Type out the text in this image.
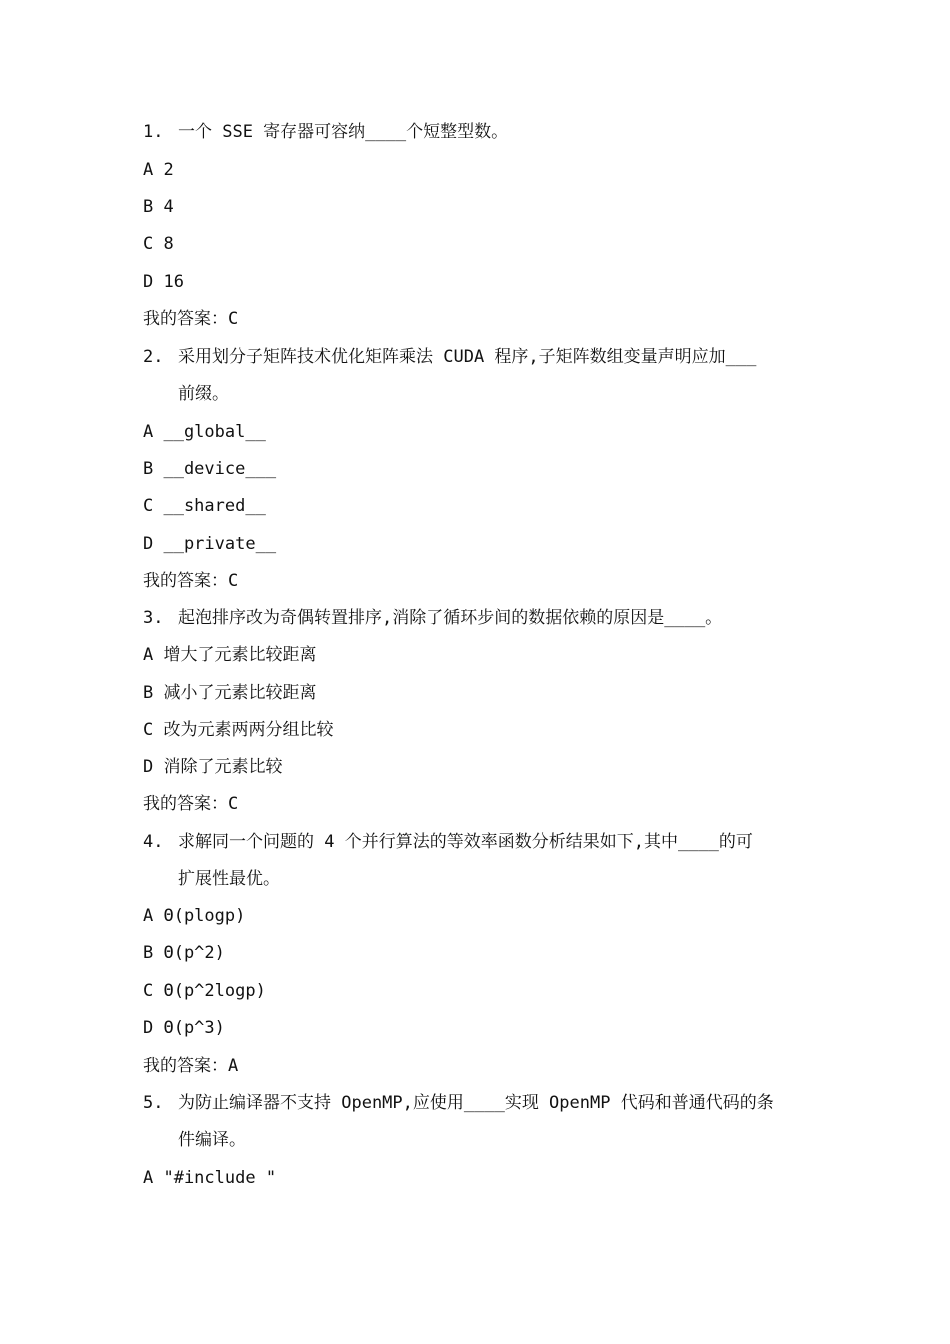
1. 一个 SSE 寄存器可容纳____个短整型数。
A 2
B 4
C 8
D 16
我的答案：C
2. 采用划分子矩阵技术优化矩阵乘法 CUDA 程序,子矩阵数组变量声明应加___
前缀。
A __global__
B __device___
C __shared__
D __private__
我的答案：C
3. 起泡排序改为奇偶转置排序,消除了循环步间的数据依赖的原因是____。
A 增大了元素比较距离
B 减小了元素比较距离
C 改为元素两两分组比较
D 消除了元素比较
我的答案：C
4. 求解同一个问题的 4 个并行算法的等效率函数分析结果如下,其中____的可
扩展性最优。
A Θ(plogp)
B Θ(p^2)
C Θ(p^2logp)
D Θ(p^3)
我的答案：A
5. 为防止编译器不支持 OpenMP,应使用____实现 OpenMP 代码和普通代码的条
件编译。
A "#include "
